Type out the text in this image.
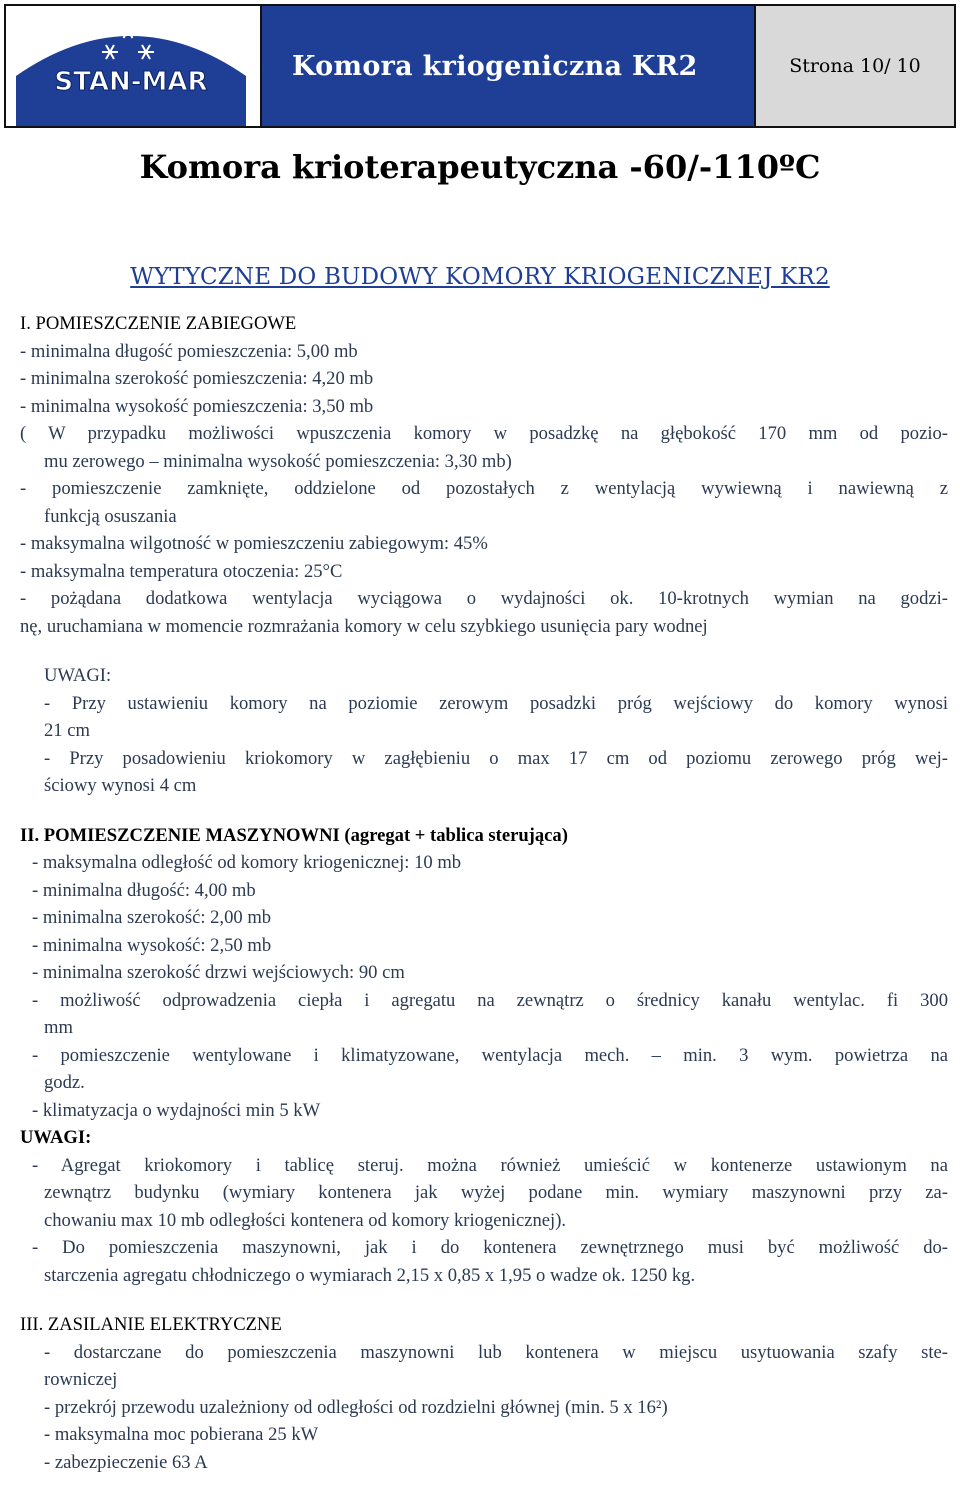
STAN-MAR
Komora kriogeniczna KR2	Strona 10/ 10
Komora krioterapeutyczna -60/-110ºC
WYTYCZNE DO BUDOWY KOMORY KRIOGENICZNEJ KR2
I. POMIESZCZENIE ZABIEGOWE
- minimalna długość pomieszczenia: 5,00 mb
- minimalna szerokość pomieszczenia: 4,20 mb
- minimalna wysokość pomieszczenia: 3,50 mb
( W przypadku możliwości wpuszczenia komory w posadzkę na głębokość 170 mm od pozio-
mu zerowego – minimalna wysokość pomieszczenia: 3,30 mb)
- pomieszczenie zamknięte, oddzielone od pozostałych z wentylacją wywiewną i nawiewną z
funkcją osuszania
- maksymalna wilgotność w pomieszczeniu zabiegowym: 45%
- maksymalna temperatura otoczenia: 25°C
- pożądana dodatkowa wentylacja wyciągowa o wydajności ok. 10-krotnych wymian na godzi-
nę, uruchamiana w momencie rozmrażania komory w celu szybkiego usunięcia pary wodnej
UWAGI:
- Przy ustawieniu komory na poziomie zerowym posadzki próg wejściowy do komory wynosi
21 cm
- Przy posadowieniu kriokomory w zagłębieniu o max 17 cm od poziomu zerowego próg wej-
ściowy wynosi 4 cm
II. POMIESZCZENIE MASZYNOWNI (agregat + tablica sterująca)
- maksymalna odległość od komory kriogenicznej: 10 mb
- minimalna długość: 4,00 mb
- minimalna szerokość: 2,00 mb
- minimalna wysokość: 2,50 mb
- minimalna szerokość drzwi wejściowych: 90 cm
- możliwość odprowadzenia ciepła i agregatu na zewnątrz o średnicy kanału wentylac. fi 300
mm
- pomieszczenie wentylowane i klimatyzowane, wentylacja mech. – min. 3 wym. powietrza na
godz.
- klimatyzacja o wydajności min 5 kW
UWAGI:
- Agregat kriokomory i tablicę steruj. można również umieścić w kontenerze ustawionym na
zewnątrz budynku (wymiary kontenera jak wyżej podane min. wymiary maszynowni przy za-
chowaniu max 10 mb odległości kontenera od komory kriogenicznej).
- Do pomieszczenia maszynowni, jak i do kontenera zewnętrznego musi być możliwość do-
starczenia agregatu chłodniczego o wymiarach 2,15 x 0,85 x 1,95 o wadze ok. 1250 kg.
III. ZASILANIE ELEKTRYCZNE
- dostarczane do pomieszczenia maszynowni lub kontenera w miejscu usytuowania szafy ste-
rowniczej
- przekrój przewodu uzależniony od odległości od rozdzielni głównej (min. 5 x 16²)
- maksymalna moc pobierana 25 kW
- zabezpieczenie 63 A
